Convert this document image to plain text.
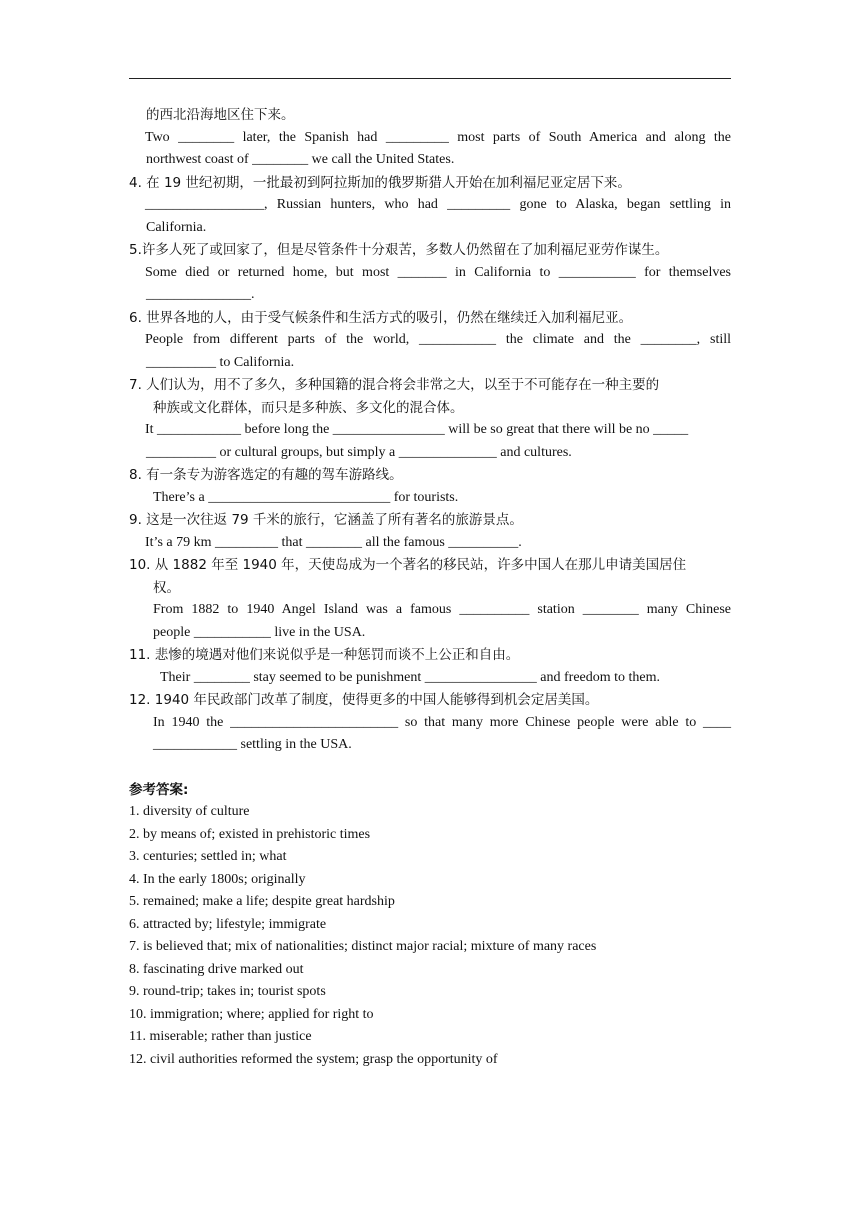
的西北沿海地区住下来。
Two ________ later, the Spanish had _________ most parts of South America and along the
northwest coast of ________ we call the United States.
4. 在 19 世纪初期，一批最初到阿拉斯加的俄罗斯猎人开始在加利福尼亚定居下来。
_________________, Russian hunters, who had _________ gone to Alaska, began settling in
California.
5.许多人死了或回家了，但是尽管条件十分艰苦，多数人仍然留在了加利福尼亚劳作谋生。
Some died or returned home, but most _______ in California to ___________ for themselves
_______________.
6. 世界各地的人，由于受气候条件和生活方式的吸引，仍然在继续迁入加利福尼亚。
People from different parts of the world, ___________ the climate and the ________, still
__________ to California.
7. 人们认为，用不了多久，多种国籍的混合将会非常之大，以至于不可能存在一种主要的
种族或文化群体，而只是多种族、多文化的混合体。
It ____________ before long the ________________ will be so great that there will be no _____
__________ or cultural groups, but simply a ______________ and cultures.
8. 有一条专为游客选定的有趣的驾车游路线。
There’s a __________________________ for tourists.
9. 这是一次往返 79 千米的旅行，它涵盖了所有著名的旅游景点。
It’s a 79 km _________ that ________ all the famous __________.
10. 从 1882 年至 1940 年，天使岛成为一个著名的移民站，许多中国人在那儿申请美国居住
权。
From 1882 to 1940 Angel Island was a famous __________ station ________ many Chinese
people ___________ live in the USA.
11. 悲惨的境遇对他们来说似乎是一种惩罚而谈不上公正和自由。
Their ________ stay seemed to be punishment ________________ and freedom to them.
12. 1940 年民政部门改革了制度，使得更多的中国人能够得到机会定居美国。
In 1940 the ________________________ so that many more Chinese people were able to ____
____________ settling in the USA.
参考答案:
1. diversity of culture
2. by means of; existed in prehistoric times
3. centuries; settled in; what
4. In the early 1800s; originally
5. remained; make a life; despite great hardship
6. attracted by; lifestyle; immigrate
7. is believed that; mix of nationalities; distinct major racial; mixture of many races
8. fascinating drive marked out
9. round-trip; takes in; tourist spots
10. immigration; where; applied for right to
11. miserable; rather than justice
12. civil authorities reformed the system; grasp the opportunity of
